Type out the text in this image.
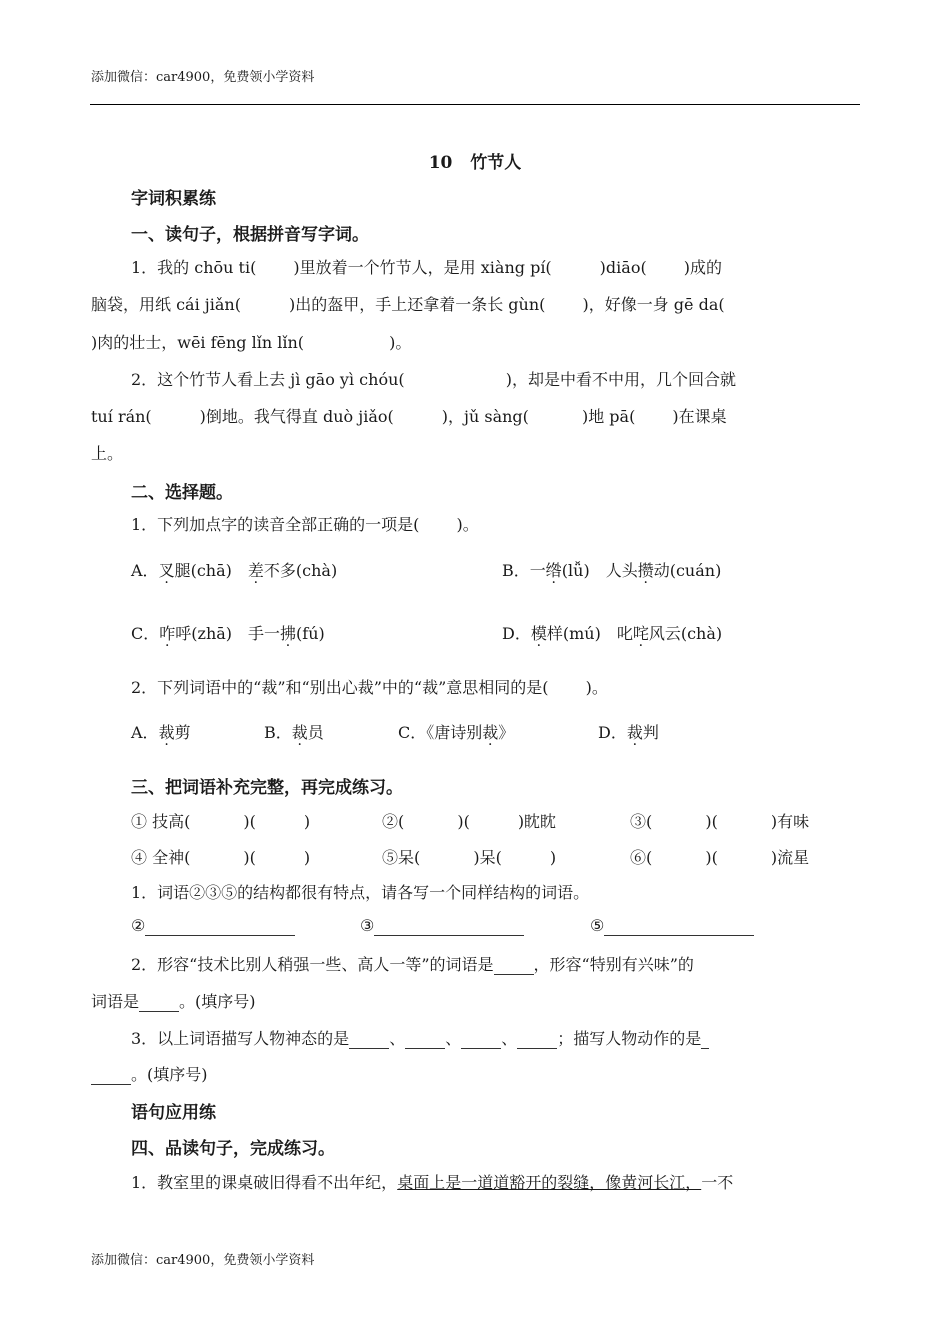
添加微信：car4900，免费领小学资料
10 竹节人
字词积累练
一、读句子，根据拼音写字词。
1．我的 chōu ti(　　 )里放着一个竹节人，是用 xiàng pí(　　　)diāo(　　 )成的
脑袋，用纸 cái jiǎn(　　　)出的盔甲，手上还拿着一条长 gùn(　　 )，好像一身 gē da(
)肉的壮士，wēi fēng lǐn lǐn(　　　　　 )。
2．这个竹节人看上去 jì gāo yì chóu(　　　　　　 )，却是中看不中用，几个回合就
tuí rán(　　　)倒地。我气得直 duò jiǎo(　　　)，jǔ sàng(　　　 )地 pā(　　 )在课桌
上。
二、选择题。
1．下列加点字的读音全部正确的一项是(　　 )。
A．叉腿(chā)　差不多(chà)	B．一绺(lǚ)　人头攒动(cuán)
C．咋呼(zhā)　手一拂(fú)	D．模样(mú)　叱咤风云(chà)
2．下列词语中的“裁”和“别出心裁”中的“裁”意思相同的是(　　 )。
A．裁剪	B．裁员	C．《唐诗别裁》	D．裁判
三、把词语补充完整，再完成练习。
① 技高(　　　 )(　　　)	②(　　　 )(　　　)眈眈	③(　　　 )(　　　 )有味
④ 全神(　　　 )(　　　)	⑤呆(　　　 )呆(　　　)	⑥(　　　 )(　　　 )流星
1．词语②③⑤的结构都很有特点，请各写一个同样结构的词语。
②	③	⑤
2．形容“技术比别人稍强一些、高人一等”的词语是	，形容“特别有兴味”的
词语是	。(填序号)
3．以上词语描写人物神态的是	、	、	、	；描写人物动作的是
。(填序号)
语句应用练
四、品读句子，完成练习。
1．教室里的课桌破旧得看不出年纪，桌面上是一道道豁开的裂缝，像黄河长江，一不
添加微信：car4900，免费领小学资料
